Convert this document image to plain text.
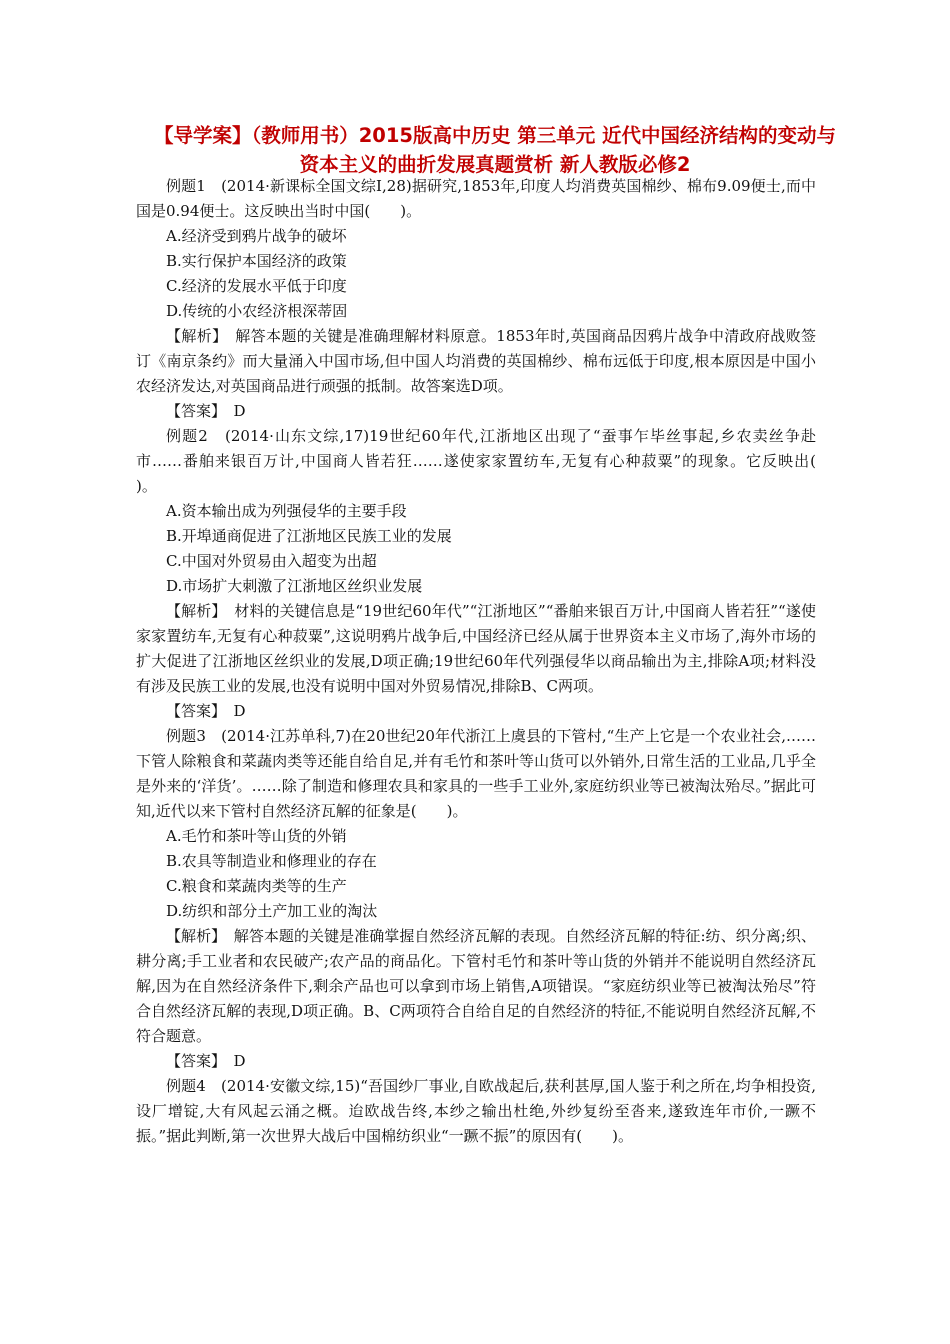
【导学案】（教师用书）2015版高中历史 第三单元 近代中国经济结构的变动与资本主义的曲折发展真题赏析 新人教版必修2

例题1　(2014·新课标全国文综Ⅰ,28)据研究,1853年,印度人均消费英国棉纱、棉布9.09便士,而中国是0.94便士。这反映出当时中国(　　)。

A.经济受到鸦片战争的破坏

B.实行保护本国经济的政策

C.经济的发展水平低于印度

D.传统的小农经济根深蒂固

【解析】　解答本题的关键是准确理解材料原意。1853年时,英国商品因鸦片战争中清政府战败签订《南京条约》而大量涌入中国市场,但中国人均消费的英国棉纱、棉布远低于印度,根本原因是中国小农经济发达,对英国商品进行顽强的抵制。故答案选D项。

【答案】　D

例题2　(2014·山东文综,17)19世纪60年代,江浙地区出现了“蚕事乍毕丝事起,乡农卖丝争赴市……番舶来银百万计,中国商人皆若狂……遂使家家置纺车,无复有心种菽粟”的现象。它反映出(　　)。

A.资本输出成为列强侵华的主要手段

B.开埠通商促进了江浙地区民族工业的发展

C.中国对外贸易由入超变为出超

D.市场扩大刺激了江浙地区丝织业发展

【解析】　材料的关键信息是“19世纪60年代”“江浙地区”“番舶来银百万计,中国商人皆若狂”“遂使家家置纺车,无复有心种菽粟”,这说明鸦片战争后,中国经济已经从属于世界资本主义市场了,海外市场的扩大促进了江浙地区丝织业的发展,D项正确;19世纪60年代列强侵华以商品输出为主,排除A项;材料没有涉及民族工业的发展,也没有说明中国对外贸易情况,排除B、C两项。

【答案】　D

例题3　(2014·江苏单科,7)在20世纪20年代浙江上虞县的下管村,“生产上它是一个农业社会,……下管人除粮食和菜蔬肉类等还能自给自足,并有毛竹和茶叶等山货可以外销外,日常生活的工业品,几乎全是外来的‘洋货’。……除了制造和修理农具和家具的一些手工业外,家庭纺织业等已被淘汰殆尽。”据此可知,近代以来下管村自然经济瓦解的征象是(　　)。

A.毛竹和茶叶等山货的外销

B.农具等制造业和修理业的存在

C.粮食和菜蔬肉类等的生产

D.纺织和部分土产加工业的淘汰

【解析】　解答本题的关键是准确掌握自然经济瓦解的表现。自然经济瓦解的特征:纺、织分离;织、耕分离;手工业者和农民破产;农产品的商品化。下管村毛竹和茶叶等山货的外销并不能说明自然经济瓦解,因为在自然经济条件下,剩余产品也可以拿到市场上销售,A项错误。“家庭纺织业等已被淘汰殆尽”符合自然经济瓦解的表现,D项正确。B、C两项符合自给自足的自然经济的特征,不能说明自然经济瓦解,不符合题意。

【答案】　D

例题4　(2014·安徽文综,15)“吾国纱厂事业,自欧战起后,获利甚厚,国人鉴于利之所在,均争相投资,设厂增锭,大有风起云涌之概。迨欧战告终,本纱之输出杜绝,外纱复纷至沓来,遂致连年市价,一蹶不振。”据此判断,第一次世界大战后中国棉纺织业“一蹶不振”的原因有(　　)。
